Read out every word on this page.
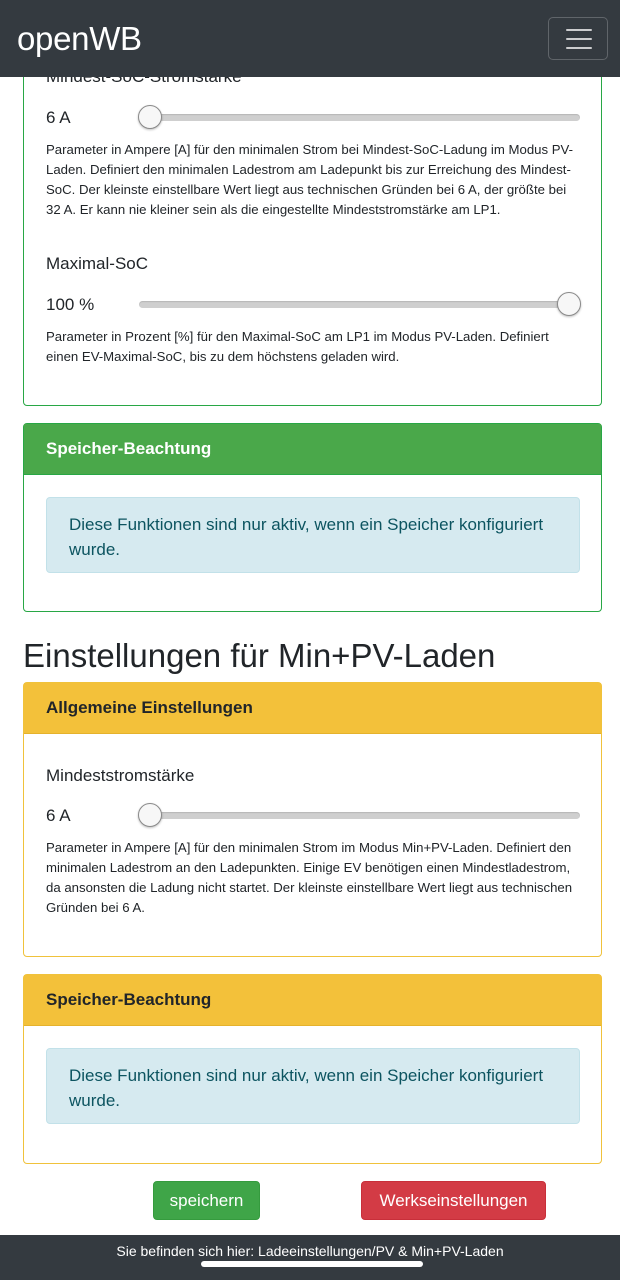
6 A
Parameter in Ampere [A] für den minimalen Strom bei Mindest-SoC-Ladung im Modus PV-Laden. Definiert den minimalen Ladestrom am Ladepunkt bis zur Erreichung des Mindest-SoC. Der kleinste einstellbare Wert liegt aus technischen Gründen bei 6 A, der größte bei 32 A. Er kann nie kleiner sein als die eingestellte Mindeststromstärke am LP1.
Maximal-SoC
100 %
Parameter in Prozent [%] für den Maximal-SoC am LP1 im Modus PV-Laden. Definiert einen EV-Maximal-SoC, bis zu dem höchstens geladen wird.
Speicher-Beachtung
Diese Funktionen sind nur aktiv, wenn ein Speicher konfiguriert wurde.
Einstellungen für Min+PV-Laden
Allgemeine Einstellungen
Mindeststromstärke
6 A
Parameter in Ampere [A] für den minimalen Strom im Modus Min+PV-Laden. Definiert den minimalen Ladestrom an den Ladepunkten. Einige EV benötigen einen Mindestladestrom, da ansonsten die Ladung nicht startet. Der kleinste einstellbare Wert liegt aus technischen Gründen bei 6 A.
Speicher-Beachtung
Diese Funktionen sind nur aktiv, wenn ein Speicher konfiguriert wurde.
speichern	Werkseinstellungen
openWB
Sie befinden sich hier: Ladeeinstellungen/PV & Min+PV-Laden
